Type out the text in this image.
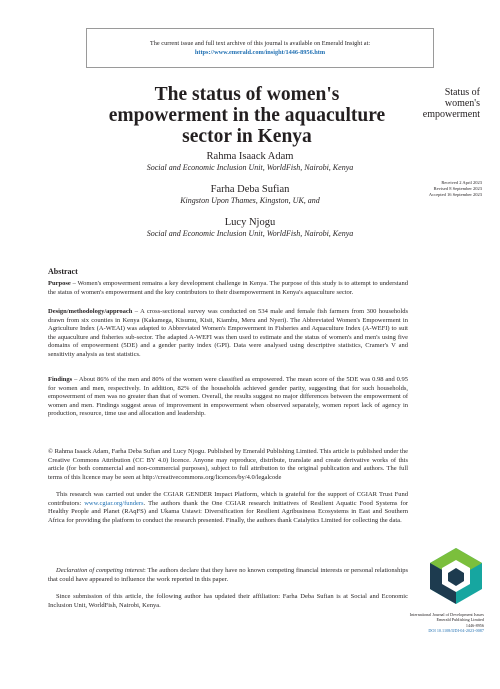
The current issue and full text archive of this journal is available on Emerald Insight at:
https://www.emerald.com/insight/1446-8956.htm
The status of women's empowerment in the aquaculture sector in Kenya
Rahma Isaack Adam
Social and Economic Inclusion Unit, WorldFish, Nairobi, Kenya
Farha Deba Sufian
Kingston Upon Thames, Kingston, UK, and
Lucy Njogu
Social and Economic Inclusion Unit, WorldFish, Nairobi, Kenya
Status of women's empowerment
Received 2 April 2023
Revised 8 September 2023
Accepted 16 September 2023
Abstract
Purpose – Women's empowerment remains a key development challenge in Kenya. The purpose of this study is to attempt to understand the status of women's empowerment and the key contributors to their disempowerment in Kenya's aquaculture sector.
Design/methodology/approach – A cross-sectional survey was conducted on 534 male and female fish farmers from 300 households drawn from six counties in Kenya (Kakamega, Kisumu, Kisii, Kiambu, Meru and Nyeri). The Abbreviated Women's Empowerment in Agriculture Index (A-WEAI) was adapted to Abbreviated Women's Empowerment in Fisheries and Aquaculture Index (A-WEFI) to suit the aquaculture and fisheries sub-sector. The adapted A-WEFI was then used to estimate and the status of women's and men's using five domains of empowerment (5DE) and a gender parity index (GPI). Data were analysed using descriptive statistics, Cramer's V and sensitivity analysis as test statistics.
Findings – About 86% of the men and 80% of the women were classified as empowered. The mean score of the 5DE was 0.98 and 0.95 for women and men, respectively. In addition, 82% of the households achieved gender parity, suggesting that for such households, empowerment of men was no greater than that of women. Overall, the results suggest no major differences between the empowerment of women and men. Findings suggest areas of improvement in empowerment when observed separately, women report lack of agency in production, resource, time use and allocation and leadership.

© Rahma Isaack Adam, Farha Deba Sufian and Lucy Njogu. Published by Emerald Publishing Limited. This article is published under the Creative Commons Attribution (CC BY 4.0) licence. Anyone may reproduce, distribute, translate and create derivative works of this article (for both commercial and non-commercial purposes), subject to full attribution to the original publication and authors. The full terms of this licence may be seen at http://creativecommons.org/licences/by/4.0/legalcode

This research was carried out under the CGIAR GENDER Impact Platform, which is grateful for the support of CGIAR Trust Fund contributors: www.cgiar.org/funders. The authors thank the One CGIAR research initiatives of Resilient Aquatic Food Systems for Healthy People and Planet (RAqFS) and Ukama Ustawi: Diversification for Resilient Agribusiness Ecosystems in East and Southern Africa for providing the platform to conduct the research presented. Finally, the authors thank Catalytics Limited for collecting the data.

Declaration of competing interest: The authors declare that they have no known competing financial interests or personal relationships that could have appeared to influence the work reported in this paper.

Since submission of this article, the following author has updated their affiliation: Farha Deba Sufian is at Social and Economic Inclusion Unit, WorldFish, Nairobi, Kenya.

International Journal of Development Issues
Emerald Publishing Limited
1446-8956
DOI 10.1108/IJDI-04-2023-0087
